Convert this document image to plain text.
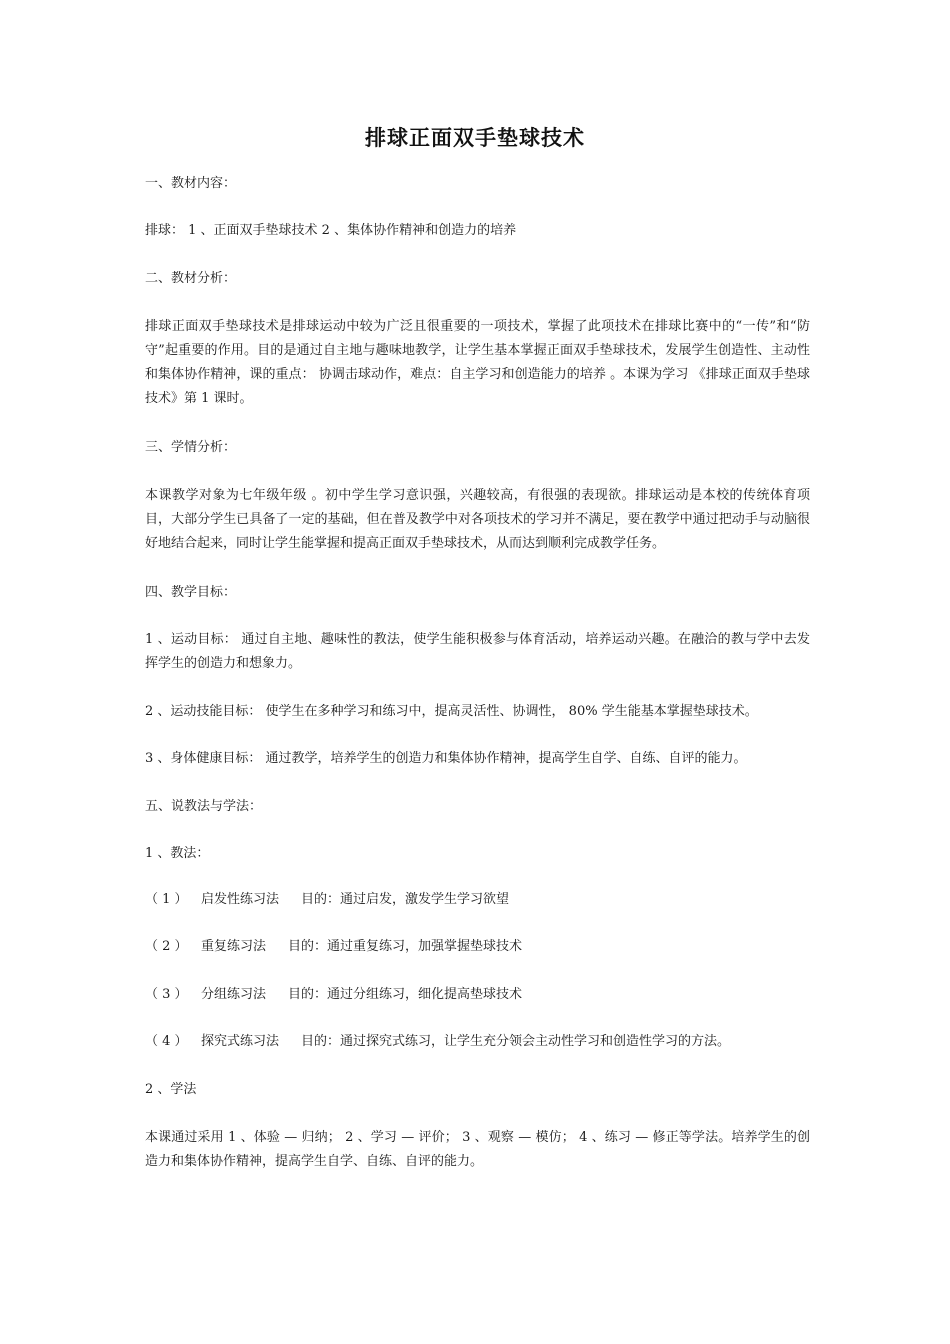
排球正面双手垫球技术
一、教材内容：
排球： 1 、正面双手垫球技术 2 、集体协作精神和创造力的培养
二、教材分析：
排球正面双手垫球技术是排球运动中较为广泛且很重要的一项技术，掌握了此项技术在排球比赛中的“一传”和“防守”起重要的作用。目的是通过自主地与趣味地教学，让学生基本掌握正面双手垫球技术，发展学生创造性、主动性和集体协作精神，课的重点： 协调击球动作，难点：自主学习和创造能力的培养 。本课为学习 《排球正面双手垫球技术》第 1 课时。
三、学情分析：
本课教学对象为七年级年级 。初中学生学习意识强，兴趣较高，有很强的表现欲。排球运动是本校的传统体育项目，大部分学生已具备了一定的基础，但在普及教学中对各项技术的学习并不满足，要在教学中通过把动手与动脑很好地结合起来，同时让学生能掌握和提高正面双手垫球技术，从而达到顺利完成教学任务。
四、教学目标：
1 、运动目标： 通过自主地、趣味性的教法，使学生能积极参与体育活动，培养运动兴趣。在融洽的教与学中去发挥学生的创造力和想象力。
2 、运动技能目标： 使学生在多种学习和练习中，提高灵活性、协调性， 80% 学生能基本掌握垫球技术。
3 、身体健康目标： 通过教学，培养学生的创造力和集体协作精神，提高学生自学、自练、自评的能力。
五、说教法与学法：
1 、教法：
（ 1 ） 启发性练习法 目的：通过启发，激发学生学习欲望
（ 2 ） 重复练习法 目的：通过重复练习，加强掌握垫球技术
（ 3 ） 分组练习法 目的：通过分组练习，细化提高垫球技术
（ 4 ） 探究式练习法 目的：通过探究式练习，让学生充分领会主动性学习和创造性学习的方法。
2 、学法
本课通过采用 1 、体验 — 归纳； 2 、学习 — 评价； 3 、观察 — 模仿； 4 、练习 — 修正等学法。培养学生的创造力和集体协作精神，提高学生自学、自练、自评的能力。
